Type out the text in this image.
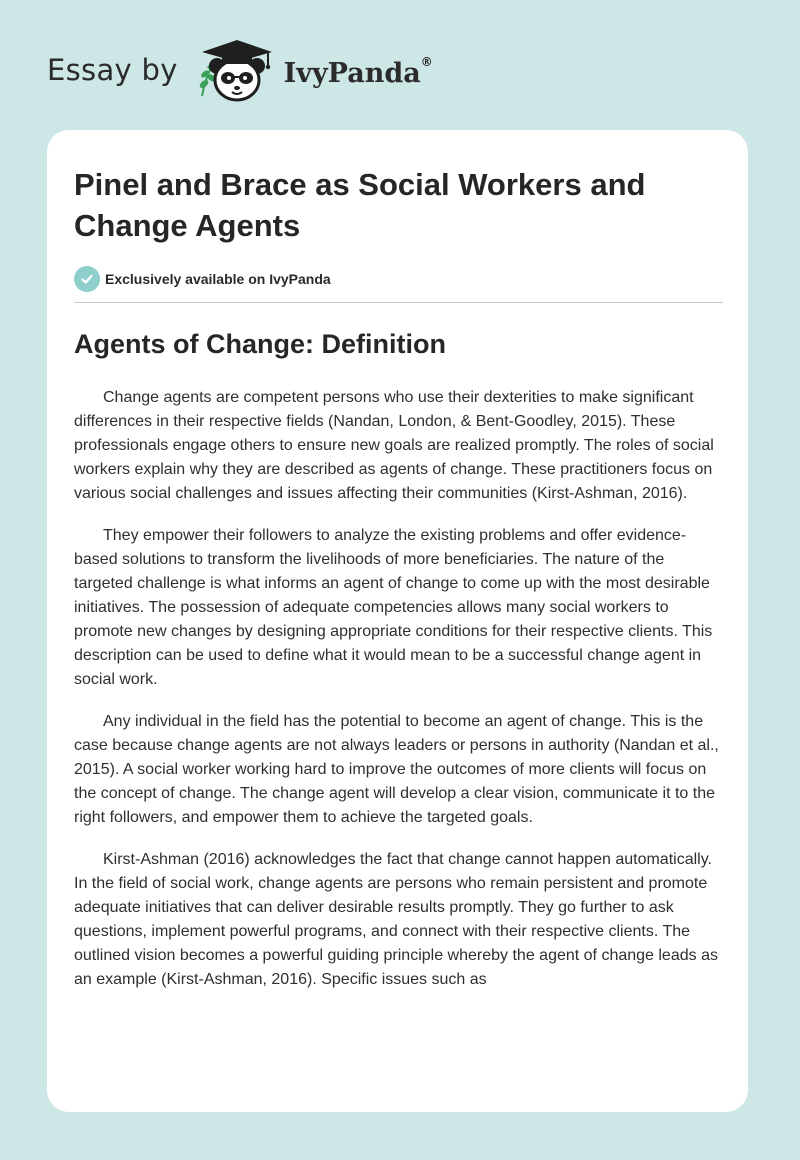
Essay by	IvyPanda®
Pinel and Brace as Social Workers and Change Agents
Exclusively available on IvyPanda
Agents of Change: Definition

Change agents are competent persons who use their dexterities to make significant differences in their respective fields (Nandan, London, & Bent-Goodley, 2015). These professionals engage others to ensure new goals are realized promptly. The roles of social workers explain why they are described as agents of change. These practitioners focus on various social challenges and issues affecting their communities (Kirst-Ashman, 2016).

They empower their followers to analyze the existing problems and offer evidence-based solutions to transform the livelihoods of more beneficiaries. The nature of the targeted challenge is what informs an agent of change to come up with the most desirable initiatives. The possession of adequate competencies allows many social workers to promote new changes by designing appropriate conditions for their respective clients. This description can be used to define what it would mean to be a successful change agent in social work.

Any individual in the field has the potential to become an agent of change. This is the case because change agents are not always leaders or persons in authority (Nandan et al., 2015). A social worker working hard to improve the outcomes of more clients will focus on the concept of change. The change agent will develop a clear vision, communicate it to the right followers, and empower them to achieve the targeted goals.

Kirst-Ashman (2016) acknowledges the fact that change cannot happen automatically. In the field of social work, change agents are persons who remain persistent and promote adequate initiatives that can deliver desirable results promptly. They go further to ask questions, implement powerful programs, and connect with their respective clients. The outlined vision becomes a powerful guiding principle whereby the agent of change leads as an example (Kirst-Ashman, 2016). Specific issues such as
